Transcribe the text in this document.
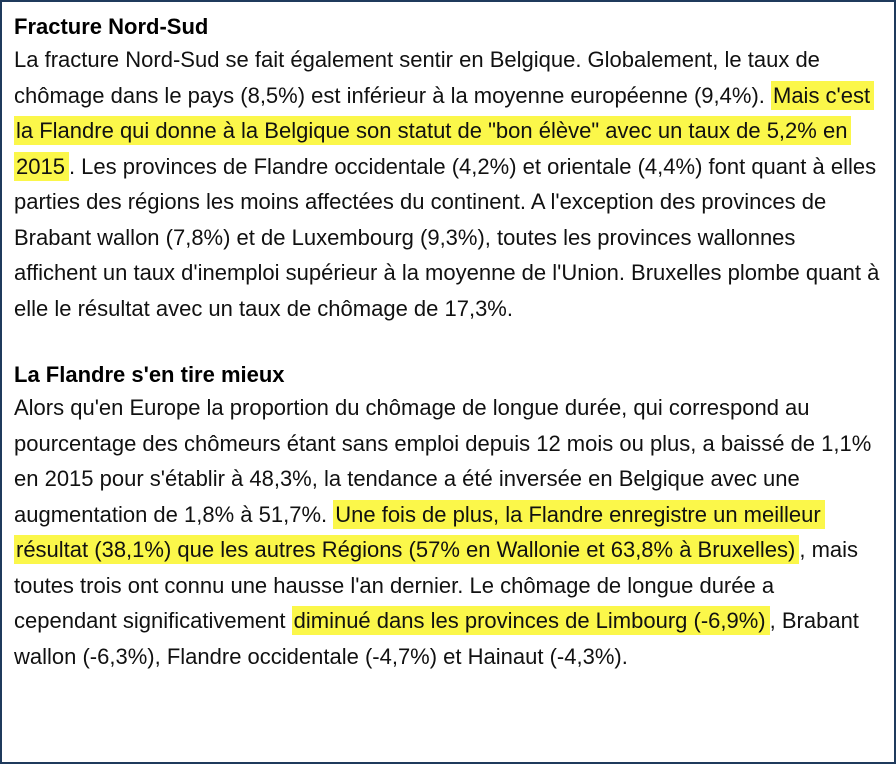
Fracture Nord-Sud

La fracture Nord-Sud se fait également sentir en Belgique. Globalement, le taux de chômage dans le pays (8,5%) est inférieur à la moyenne européenne (9,4%). Mais c'est la Flandre qui donne à la Belgique son statut de "bon élève" avec un taux de 5,2% en 2015 . Les provinces de Flandre occidentale (4,2%) et orientale (4,4%) font quant à elles parties des régions les moins affectées du continent. A l'exception des provinces de Brabant wallon (7,8%) et de Luxembourg (9,3%), toutes les provinces wallonnes affichent un taux d'inemploi supérieur à la moyenne de l'Union. Bruxelles plombe quant à elle le résultat avec un taux de chômage de 17,3%.

La Flandre s'en tire mieux

Alors qu'en Europe la proportion du chômage de longue durée, qui correspond au pourcentage des chômeurs étant sans emploi depuis 12 mois ou plus, a baissé de 1,1% en 2015 pour s'établir à 48,3%, la tendance a été inversée en Belgique avec une augmentation de 1,8% à 51,7%. Une fois de plus, la Flandre enregistre un meilleur résultat (38,1%) que les autres Régions (57% en Wallonie et 63,8% à Bruxelles) , mais toutes trois ont connu une hausse l'an dernier. Le chômage de longue durée a cependant significativement diminué dans les provinces de Limbourg (-6,9%) , Brabant wallon (-6,3%), Flandre occidentale (-4,7%) et Hainaut (-4,3%).
